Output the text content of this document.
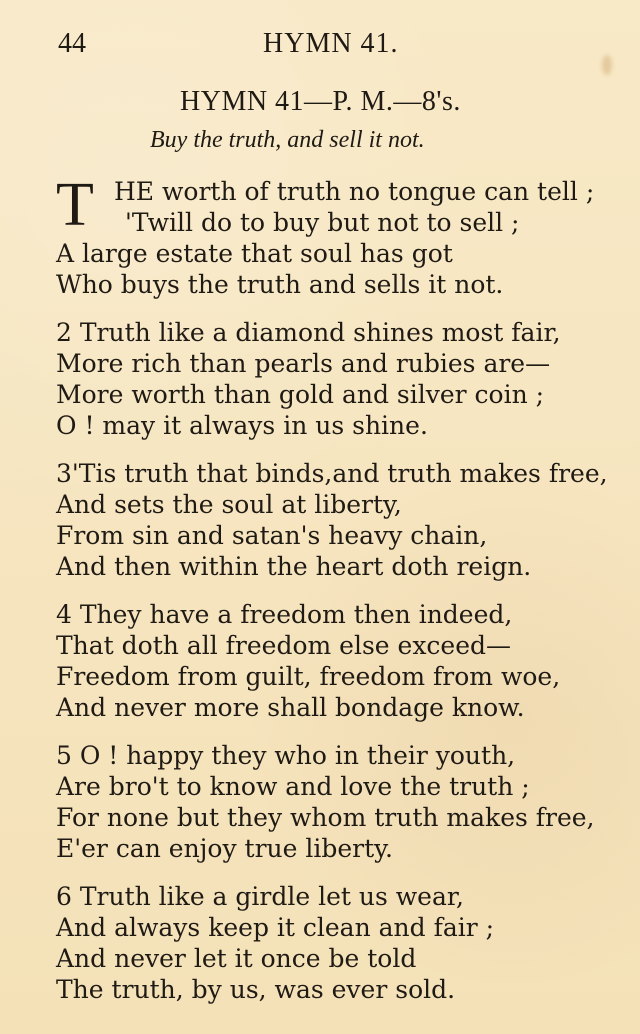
44	HYMN 41.
HYMN 41—P. M.—8's.
Buy the truth, and sell it not.
T HE worth of truth no tongue can tell ;
'Twill do to buy but not to sell ;
A large estate that soul has got
Who buys the truth and sells it not.
2 Truth like a diamond shines most fair,
More rich than pearls and rubies are—
More worth than gold and silver coin ;
O ! may it always in us shine.
3'Tis truth that binds,and truth makes free,
And sets the soul at liberty,
From sin and satan's heavy chain,
And then within the heart doth reign.
4 They have a freedom then indeed,
That doth all freedom else exceed—
Freedom from guilt, freedom from woe,
And never more shall bondage know.
5 O ! happy they who in their youth,
Are bro't to know and love the truth ;
For none but they whom truth makes free,
E'er can enjoy true liberty.
6 Truth like a girdle let us wear,
And always keep it clean and fair ;
And never let it once be told
The truth, by us, was ever sold.
